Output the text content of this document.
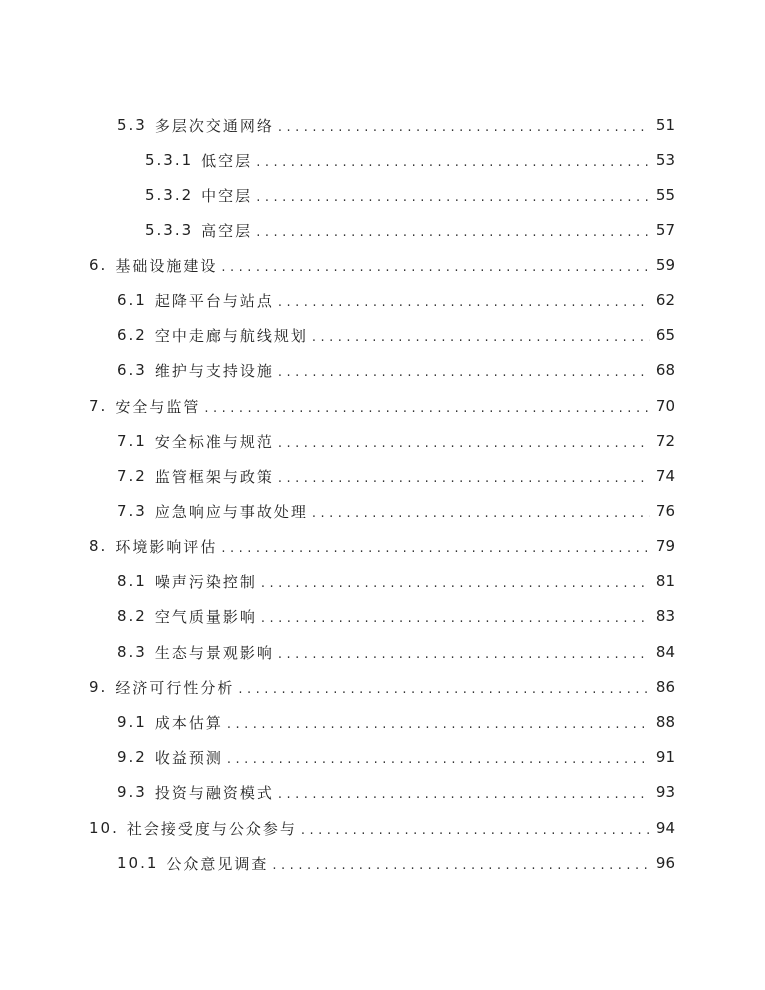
5.3 多层次交通网络 .....	51
5.3.1 低空层 .....	53
5.3.2 中空层 .....	55
5.3.3 高空层 .....	57
6. 基础设施建设 .....	59
6.1 起降平台与站点 .....	62
6.2 空中走廊与航线规划 .....	65
6.3 维护与支持设施 .....	68
7. 安全与监管 .....	70
7.1 安全标准与规范 .....	72
7.2 监管框架与政策 .....	74
7.3 应急响应与事故处理 .....	76
8. 环境影响评估 .....	79
8.1 噪声污染控制 .....	81
8.2 空气质量影响 .....	83
8.3 生态与景观影响 .....	84
9. 经济可行性分析 .....	86
9.1 成本估算 .....	88
9.2 收益预测 .....	91
9.3 投资与融资模式 .....	93
10. 社会接受度与公众参与 .....	94
10.1 公众意见调查 .....	96
